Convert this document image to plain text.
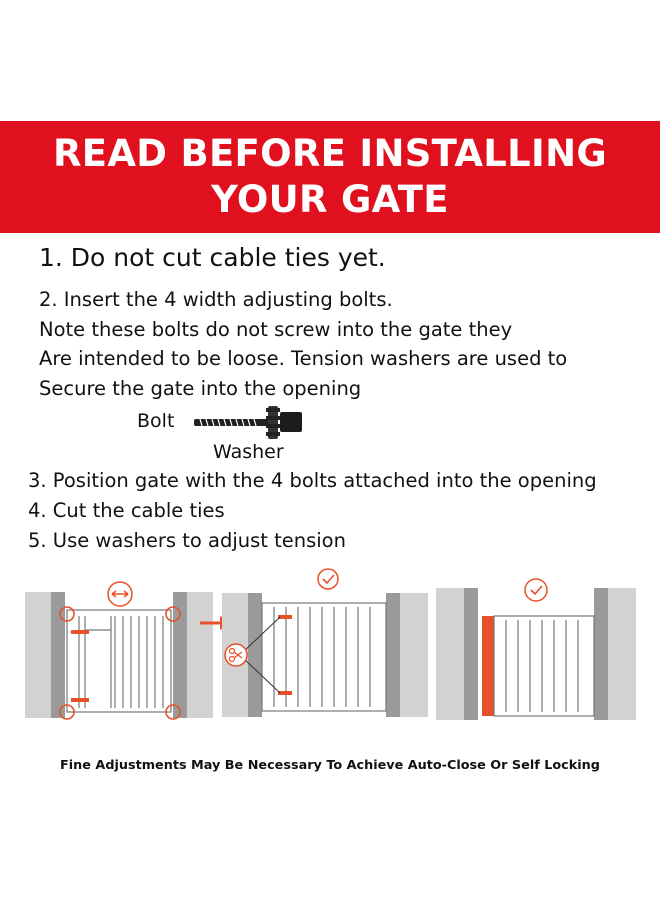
READ BEFORE INSTALLING
YOUR GATE
1. Do not cut cable ties yet.
2. Insert the 4 width adjusting bolts.
Note these bolts do not screw into the gate they
Are intended to be loose. Tension washers are used to
Secure the gate into the opening
Bolt
Washer
3. Position gate with the 4 bolts attached into the opening
4. Cut the cable ties
5. Use washers to adjust tension
Fine Adjustments May Be Necessary To Achieve Auto-Close Or Self Locking
